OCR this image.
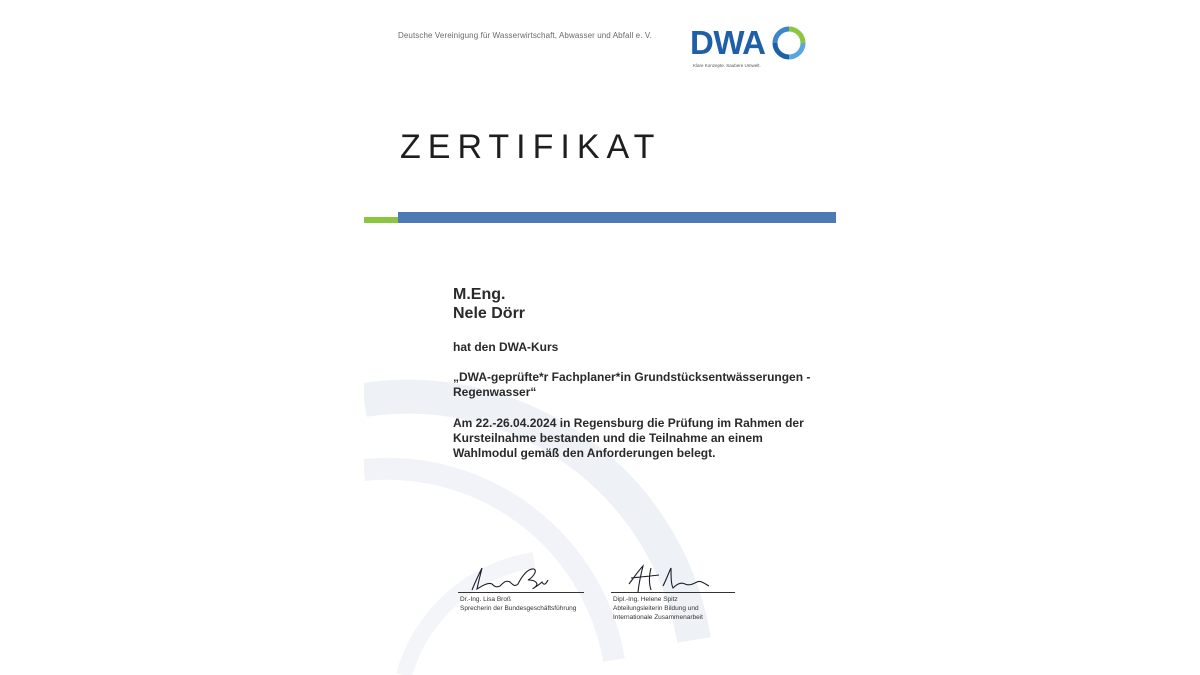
Deutsche Vereinigung für Wasserwirtschaft, Abwasser und Abfall e. V. DWA
Klare Konzepte. Saubere Umwelt.
ZERTIFIKAT
M.Eng.
Nele Dörr
hat den DWA-Kurs
„DWA-geprüfte*r Fachplaner*in Grundstücksentwässerungen - Regenwasser“
Am 22.-26.04.2024 in Regensburg die Prüfung im Rahmen der Kursteilnahme bestanden und die Teilnahme an einem Wahlmodul gemäß den Anforderungen belegt.
Dr.-Ing. Lisa Broß
Sprecherin der Bundesgeschäftsführung
Dipl.-Ing. Helene Spitz
Abteilungsleiterin Bildung und
Internationale Zusammenarbeit
